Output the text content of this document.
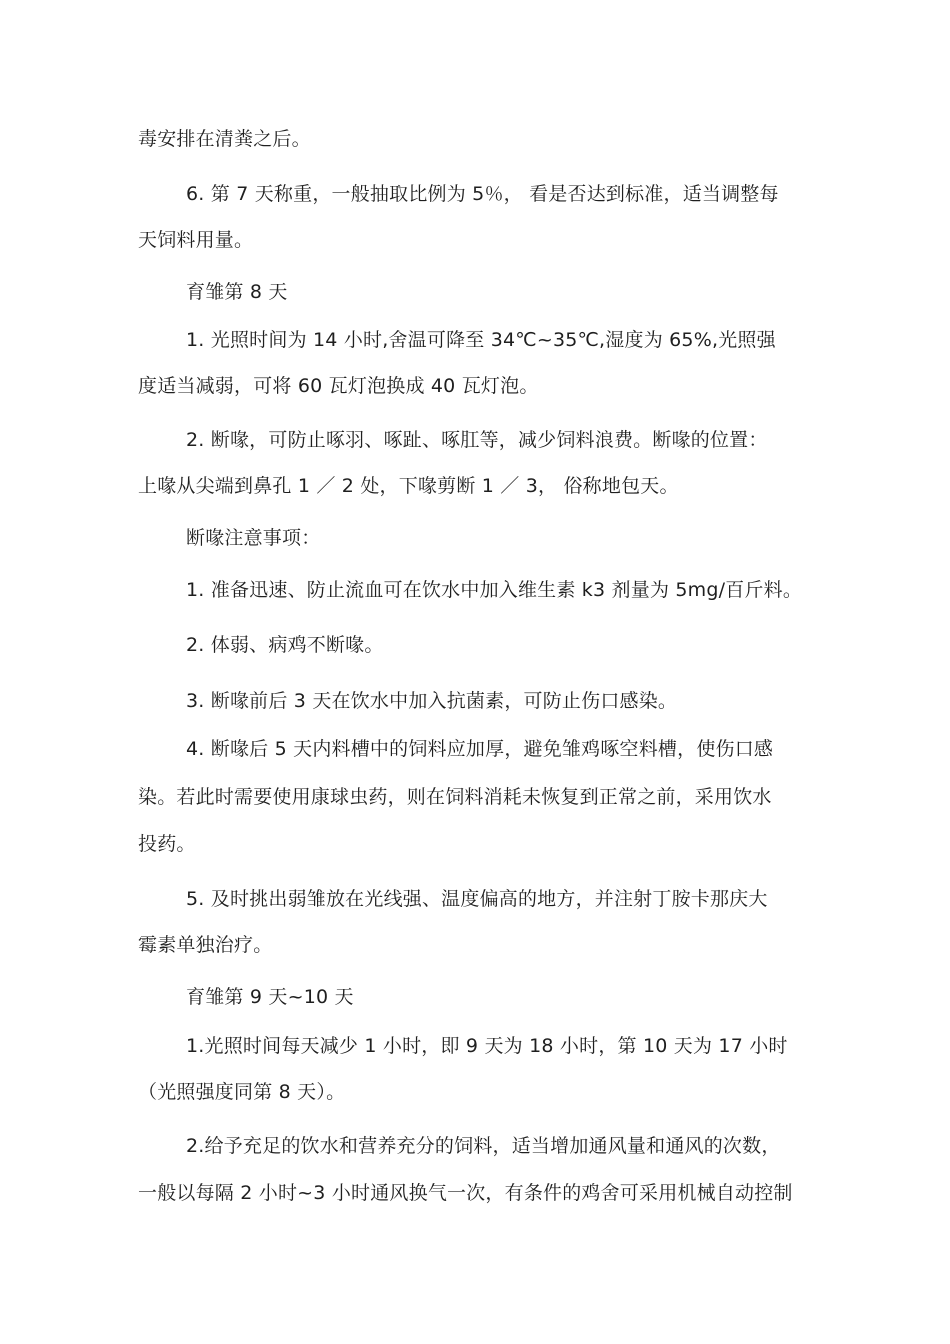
毒安排在清粪之后。
6. 第 7 天称重，一般抽取比例为 5％， 看是否达到标准，适当调整每
天饲料用量。
育雏第 8 天
1. 光照时间为 14 小时,舍温可降至 34℃~35℃,湿度为 65%,光照强
度适当减弱，可将 60 瓦灯泡换成 40 瓦灯泡。
2. 断喙，可防止啄羽、啄趾、啄肛等，减少饲料浪费。断喙的位置：
上喙从尖端到鼻孔 1 ／ 2 处，下喙剪断 1 ／ 3， 俗称地包天。
断喙注意事项：
1. 准备迅速、防止流血可在饮水中加入维生素 k3 剂量为 5mg/百斤料。
2. 体弱、病鸡不断喙。
3. 断喙前后 3 天在饮水中加入抗菌素，可防止伤口感染。
4. 断喙后 5 天内料槽中的饲料应加厚，避免雏鸡啄空料槽，使伤口感
染。若此时需要使用康球虫药，则在饲料消耗未恢复到正常之前，采用饮水
投药。
5. 及时挑出弱雏放在光线强、温度偏高的地方，并注射丁胺卡那庆大
霉素单独治疗。
育雏第 9 天~10 天
1.光照时间每天减少 1 小时，即 9 天为 18 小时，第 10 天为 17 小时
（光照强度同第 8 天）。
2.给予充足的饮水和营养充分的饲料，适当增加通风量和通风的次数，
一般以每隔 2 小时~3 小时通风换气一次，有条件的鸡舍可采用机械自动控制
